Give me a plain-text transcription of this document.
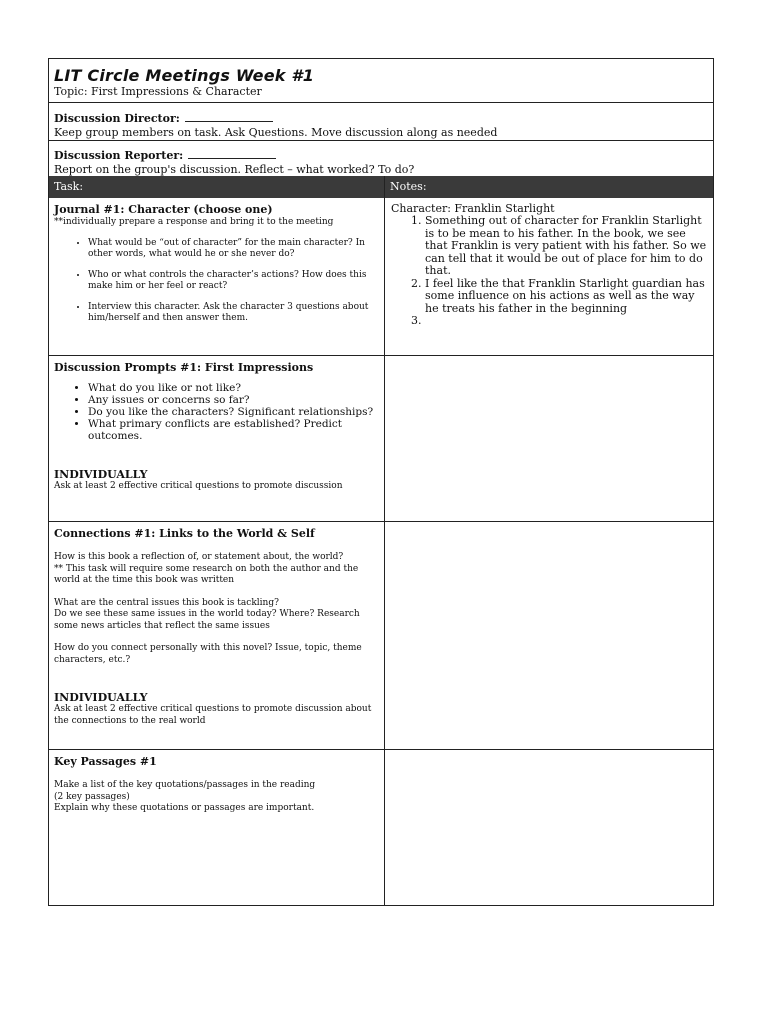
LIT Circle Meetings Week #1
Topic: First Impressions & Character
Discussion Director:
Keep group members on task. Ask Questions. Move discussion along as needed
Discussion Reporter:
Report on the group's discussion. Reflect – what worked? To do?
Task:	Notes:
Journal #1: Character (choose one)
**individually prepare a response and bring it to the meeting
• What would be “out of character” for the main character? In other words, what would he or she never do?
• Who or what controls the character’s actions? How does this make him or her feel or react?
• Interview this character. Ask the character 3 questions about him/herself and then answer them.
Character: Franklin Starlight
1. Something out of character for Franklin Starlight is to be mean to his father. In the book, we see that Franklin is very patient with his father. So we can tell that it would be out of place for him to do that.
2. I feel like the that Franklin Starlight guardian has some influence on his actions as well as the way he treats his father in the beginning
3.
Discussion Prompts #1: First Impressions
• What do you like or not like?
• Any issues or concerns so far?
• Do you like the characters? Significant relationships?
• What primary conflicts are established? Predict outcomes.
INDIVIDUALLY
Ask at least 2 effective critical questions to promote discussion
Connections #1: Links to the World & Self
How is this book a reflection of, or statement about, the world?
** This task will require some research on both the author and the world at the time this book was written
What are the central issues this book is tackling?
Do we see these same issues in the world today? Where? Research some news articles that reflect the same issues
How do you connect personally with this novel? Issue, topic, theme characters, etc.?
INDIVIDUALLY
Ask at least 2 effective critical questions to promote discussion about the connections to the real world
Key Passages #1
Make a list of the key quotations/passages in the reading
(2 key passages)
Explain why these quotations or passages are important.
